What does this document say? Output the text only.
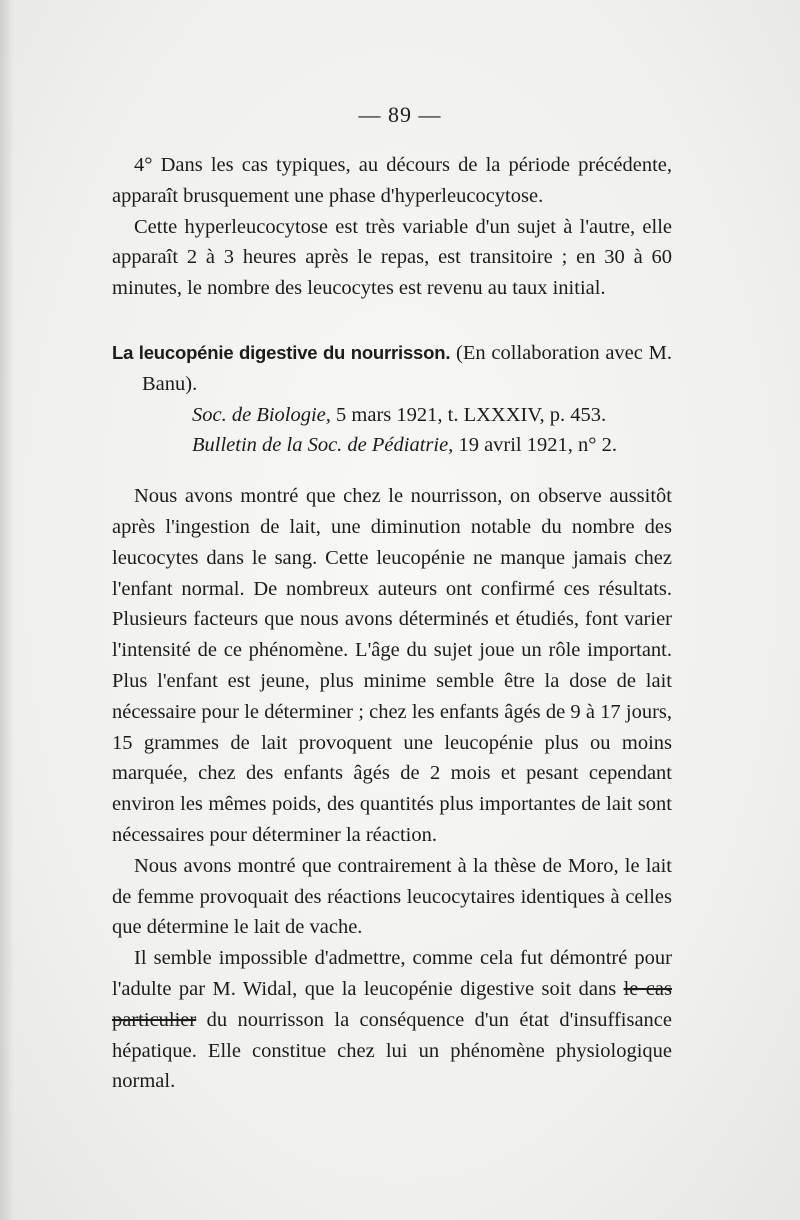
— 89 —

4° Dans les cas typiques, au décours de la période précédente, apparaît brusquement une phase d'hyperleucocytose.

Cette hyperleucocytose est très variable d'un sujet à l'autre, elle apparaît 2 à 3 heures après le repas, est transitoire ; en 30 à 60 minutes, le nombre des leucocytes est revenu au taux initial.

La leucopénie digestive du nourrisson. (En collaboration avec M. Banu).

Soc. de Biologie, 5 mars 1921, t. LXXXIV, p. 453.

Bulletin de la Soc. de Pédiatrie, 19 avril 1921, n° 2.

Nous avons montré que chez le nourrisson, on observe aussitôt après l'ingestion de lait, une diminution notable du nombre des leucocytes dans le sang. Cette leucopénie ne manque jamais chez l'enfant normal. De nombreux auteurs ont confirmé ces résultats. Plusieurs facteurs que nous avons déterminés et étudiés, font varier l'intensité de ce phénomène. L'âge du sujet joue un rôle important. Plus l'enfant est jeune, plus minime semble être la dose de lait nécessaire pour le déterminer ; chez les enfants âgés de 9 à 17 jours, 15 grammes de lait provoquent une leucopénie plus ou moins marquée, chez des enfants âgés de 2 mois et pesant cependant environ les mêmes poids, des quantités plus importantes de lait sont nécessaires pour déterminer la réaction.

Nous avons montré que contrairement à la thèse de Moro, le lait de femme provoquait des réactions leucocytaires identiques à celles que détermine le lait de vache.

Il semble impossible d'admettre, comme cela fut démontré pour l'adulte par M. Widal, que la leucopénie digestive soit dans le cas particulier du nourrisson la conséquence d'un état d'insuffisance hépatique. Elle constitue chez lui un phénomène physiologique normal.
